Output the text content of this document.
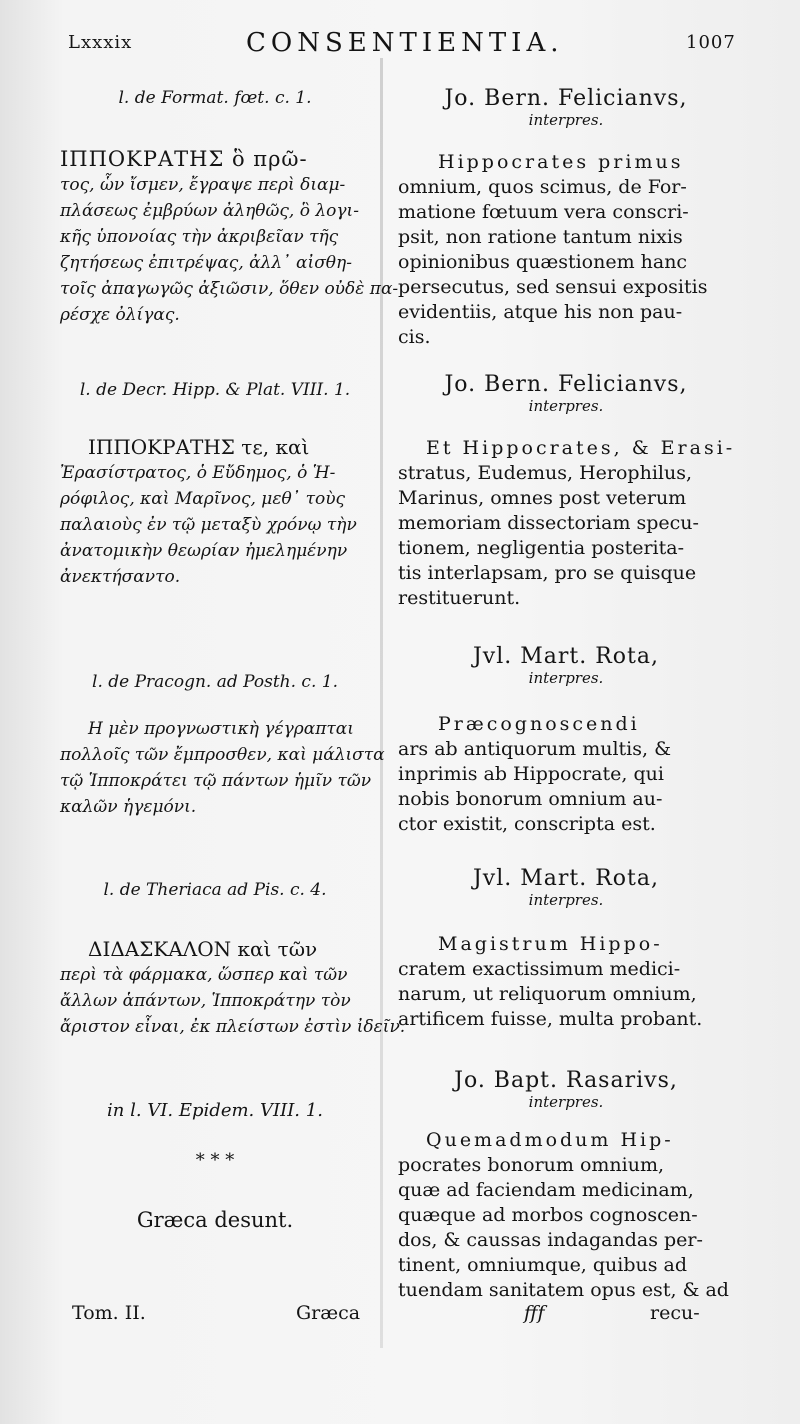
Lxxxix	CONSENTIENTIA.	1007
l. de Format. fœt. c. 1.

ΙΠΠΟΚΡΑΤΗΣ ὃ πρῶ-

τος, ὧν ἴσμεν, ἔγραψε περὶ διαμ-

πλάσεως ἐμβρύων ἀληθῶς, ὃ λογι-

κῆς ὑπονοίας τὴν ἀκριβεῖαν τῆς

ζητήσεως ἐπιτρέψας, ἀλλ᾽ αἰσθη-

τοῖς ἀπαγωγῶς ἀξιῶσιν, ὅθεν οὐδὲ πα-

ρέσχε ὀλίγας.

l. de Decr. Hipp. & Plat. VIII. 1.

ΙΠΠΟΚΡΑΤΗΣ τε, καὶ

Ἐρασίστρατος, ὁ Εὔδημος, ὁ Ἡ-

ρόφιλος, καὶ Μαρῖνος, μεθ᾽ τοὺς

παλαιοὺς ἐν τῷ μεταξὺ χρόνῳ τὴν

ἀνατομικὴν θεωρίαν ἠμελημένην

ἀνεκτήσαντο.

l. de Pracogn. ad Posth. c. 1.

Η μὲν προγνωστικὴ γέγραπται

πολλοῖς τῶν ἔμπροσθεν, καὶ μάλιστα

τῷ Ἱπποκράτει τῷ πάντων ἡμῖν τῶν

καλῶν ἡγεμόνι.

l. de Theriaca ad Pis. c. 4.

ΔΙΔΑΣΚΑΛΟΝ καὶ τῶν

περὶ τὰ φάρμακα, ὥσπερ καὶ τῶν

ἄλλων ἁπάντων, Ἱπποκράτην τὸν

ἄριστον εἶναι, ἐκ πλείστων ἐστὶν ἰδεῖν.

in l. VI. Epidem. VIII. 1.
* * *
Græca desunt.
Jo. Bern. Felicianvs,
interpres.

Hippocrates primus

omnium, quos scimus, de For-

matione fœtuum vera conscri-

psit, non ratione tantum nixis

opinionibus quæstionem hanc

persecutus, sed sensui expositis

evidentiis, atque his non pau-

cis.

Jo. Bern. Felicianvs,
interpres.

Et Hippocrates, & Erasi-

stratus, Eudemus, Herophilus,

Marinus, omnes post veterum

memoriam dissectoriam specu-

tionem, negligentia posterita-

tis interlapsam, pro se quisque

restituerunt.

Jvl. Mart. Rota,
interpres.

Præcognoscendi

ars ab antiquorum multis, &

inprimis ab Hippocrate, qui

nobis bonorum omnium au-

ctor existit, conscripta est.

Jvl. Mart. Rota,
interpres.

Magistrum Hippo-

cratem exactissimum medici-

narum, ut reliquorum omnium,

artificem fuisse, multa probant.

Jo. Bapt. Rasarivs,
interpres.

Quemadmodum Hip-

pocrates bonorum omnium,

quæ ad faciendam medicinam,

quæque ad morbos cognoscen-

dos, & caussas indagandas per-

tinent, omniumque, quibus ad

tuendam sanitatem opus est, & ad

Tom. II.	Græca	fff	recu-
